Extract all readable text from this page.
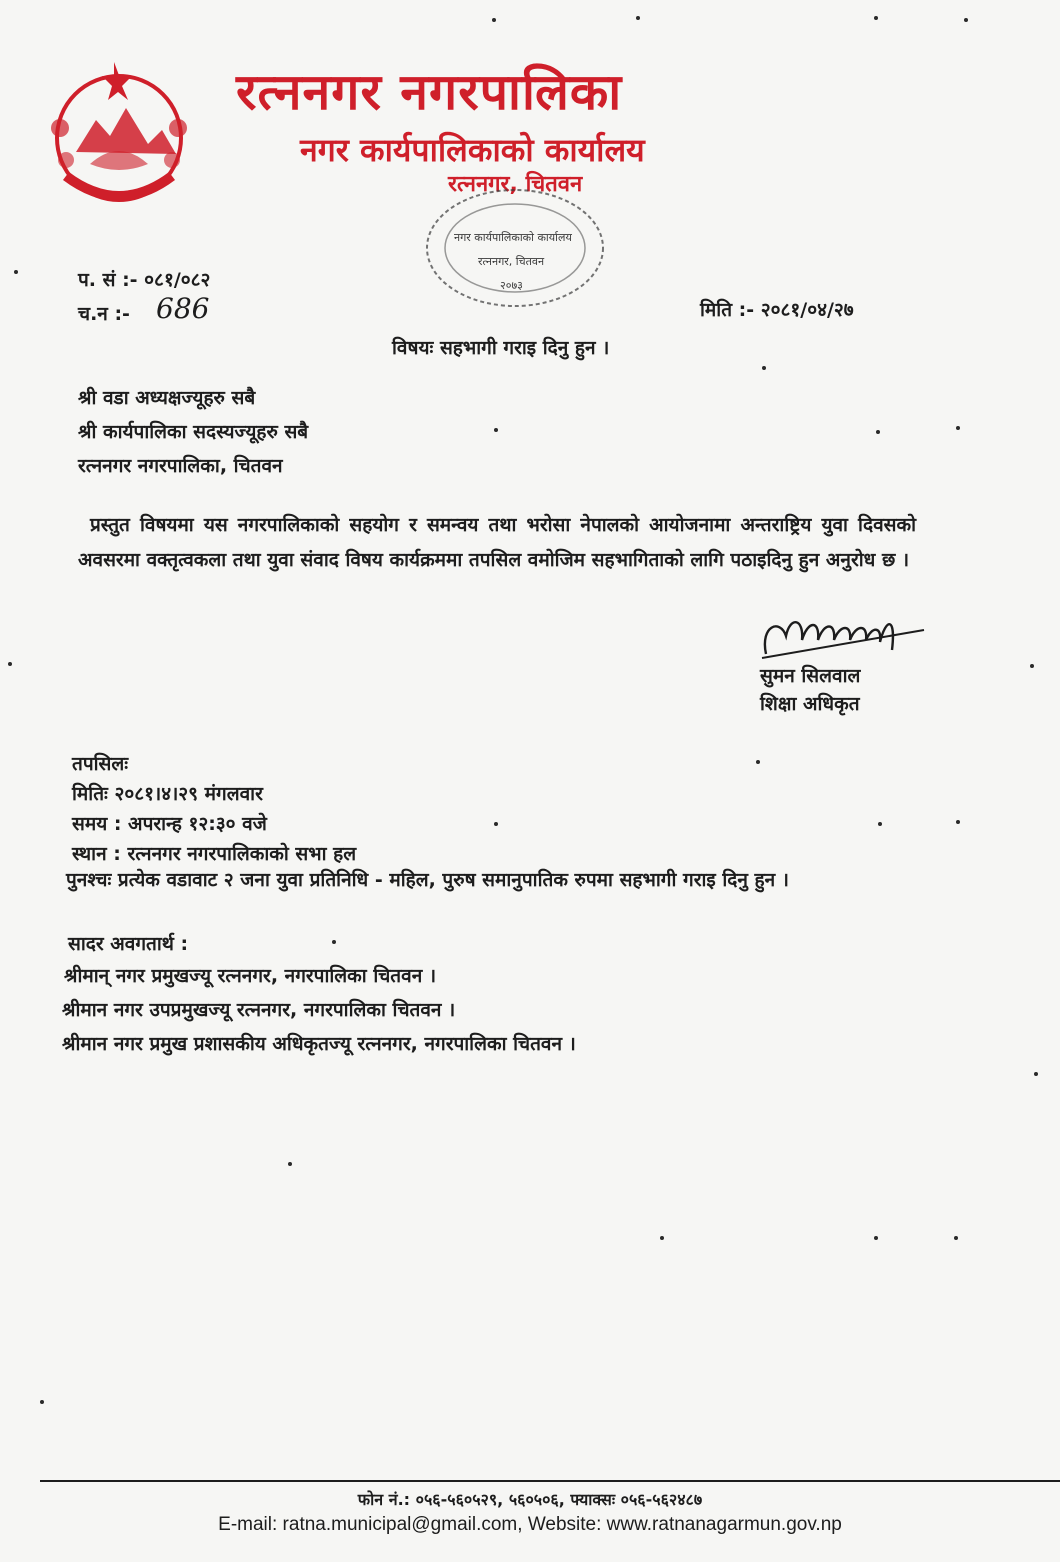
रत्ननगर नगरपालिका
नगर कार्यपालिकाको कार्यालय
रत्ननगर, चितवन
नगर कार्यपालिकाको कार्यालय
रत्ननगर, चितवन
२०७३
प. सं :- ०८१/०८२
च.न :- 686	मिति :- २०८१/०४/२७
विषयः सहभागी गराइ दिनु हुन ।
श्री वडा अध्यक्षज्यूहरु सबै
श्री कार्यपालिका सदस्यज्यूहरु सबै
रत्ननगर नगरपालिका, चितवन
प्रस्तुत विषयमा यस नगरपालिकाको सहयोग र समन्वय तथा भरोसा नेपालको आयोजनामा अन्तराष्ट्रिय युवा दिवसको अवसरमा वक्तृत्वकला तथा युवा संवाद विषय कार्यक्रममा तपसिल वमोजिम सहभागिताको लागि पठाइदिनु हुन अनुरोध छ ।
सुमन सिलवाल
शिक्षा अधिकृत
तपसिलः
मितिः २०८१।४।२९ मंगलवार
समय : अपरान्ह १२:३० वजे
स्थान : रत्ननगर नगरपालिकाको सभा हल
पुनश्चः प्रत्येक वडावाट २ जना युवा प्रतिनिधि - महिल, पुरुष समानुपातिक रुपमा सहभागी गराइ दिनु हुन ।
सादर अवगतार्थ :
श्रीमान् नगर प्रमुखज्यू रत्ननगर, नगरपालिका चितवन ।
श्रीमान नगर उपप्रमुखज्यू रत्ननगर, नगरपालिका चितवन ।
श्रीमान नगर प्रमुख प्रशासकीय अधिकृतज्यू रत्ननगर, नगरपालिका चितवन ।
फोन नं.: ०५६-५६०५२९, ५६०५०६, फ्याक्सः ०५६-५६२४८७
E-mail: ratna.municipal@gmail.com, Website: www.ratnanagarmun.gov.np
